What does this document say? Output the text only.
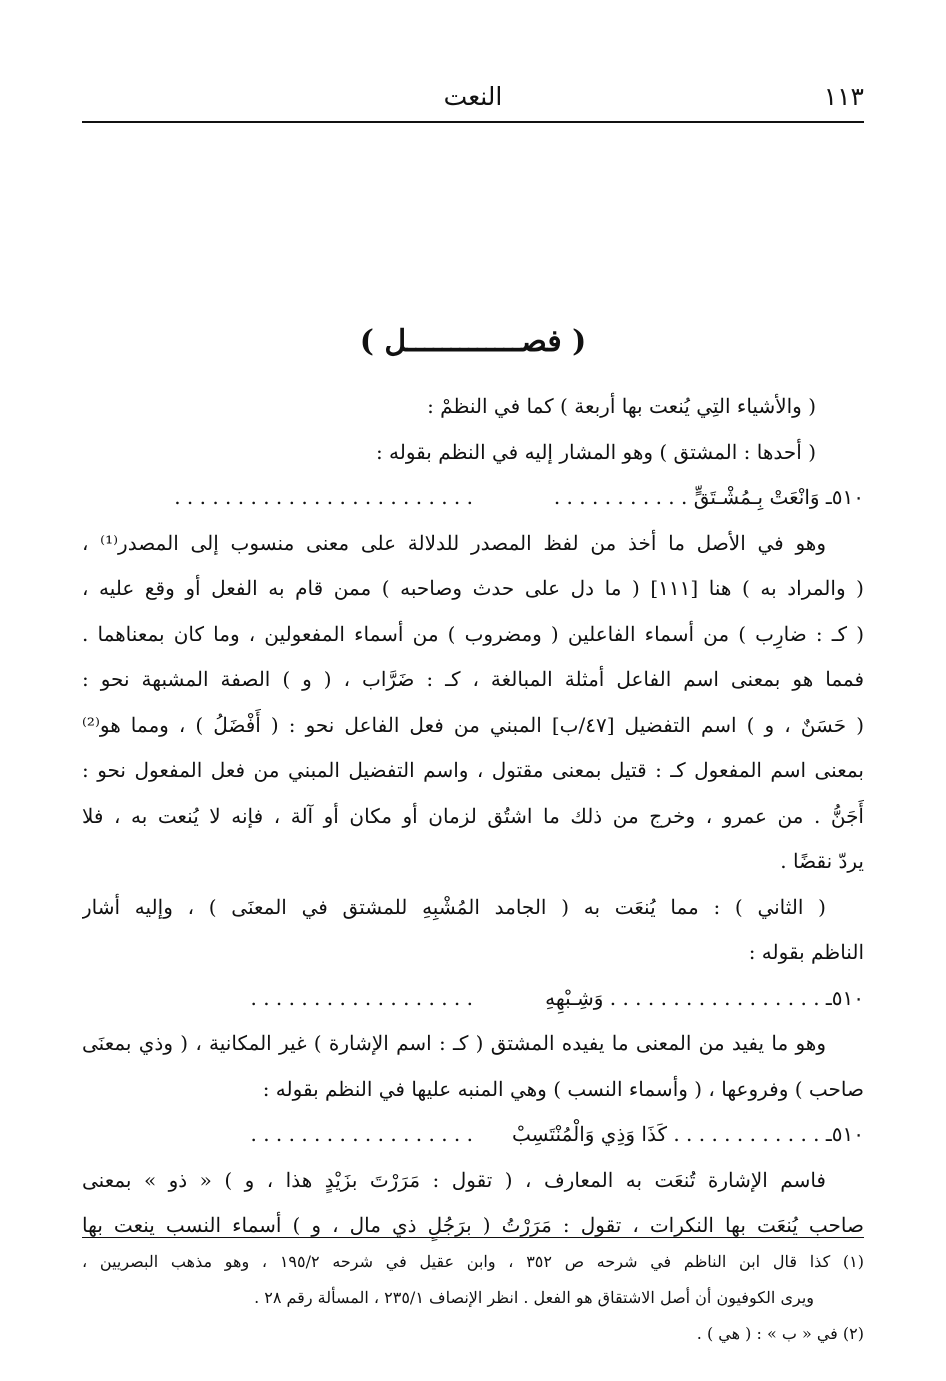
١١٣
النعت
( فصـــــــــــــل )
( والأشياء التِي يُنعت بها أربعة ) كما في النظمْ :
( أحدها : المشتق ) وهو المشار إليه في النظم بقوله :
٥١٠ـ وَانْعَتْ بِـمُشْـتَقٍّ . . . . . . . . . . .
. . . . . . . . . . . . . . . . . . . . . . . .
وهو في الأصل ما أخذ من لفظ المصدر للدلالة على معنى منسوب إلى المصدر⁽¹⁾ ،
( والمراد به ) هنا [١١١] ( ما دل على حدث وصاحبه ) ممن قام به الفعل أو وقع عليه ،
( كـ : ضارِب ) من أسماء الفاعلين ( ومضروب ) من أسماء المفعولين ، وما كان بمعناهما .
فمما هو بمعنى اسم الفاعل أمثلة المبالغة ، كـ : ضَرَّاب ، ( و ) الصفة المشبهة نحو :
( حَسَنٌ ، و ) اسم التفضيل [٤٧/ب] المبني من فعل الفاعل نحو : ( أَفْضَلُ ) ، ومما هو⁽²⁾
بمعنى اسم المفعول كـ : قتيل بمعنى مقتول ، واسم التفضيل المبني من فعل المفعول نحو :
أَجَنُّ . من عمرو ، وخرج من ذلك ما اشتُق لزمان أو مكان أو آلة ، فإنه لا يُنعت به ، فلا
يردّ نقضًا .
( الثاني ) : مما يُنعَت به ( الجامد المُشْبِهِ للمشتق في المعنَى ) ، وإليه أشار
الناظم بقوله :
٥١٠ـ . . . . . . . . . . . . . . . . . وَشِـبْهِهِ
. . . . . . . . . . . . . . . . . .
وهو ما يفيد من المعنى ما يفيده المشتق ( كـ : اسم الإشارة ) غير المكانية ، ( وذي بمعنَى
صاحب ) وفروعها ، ( وأسماء النسب ) وهي المنبه عليها في النظم بقوله :
٥١٠ـ . . . . . . . . . . . . كَذَا وَذِي وَالْمُنْتَسِبْ
. . . . . . . . . . . . . . . . . .
فاسم الإشارة تُنعَت به المعارف ، ( تقول : مَرَرْتَ بزَيْدٍ هذا ، و ) « ذو » بمعنى
صاحب يُنعَت بها النكرات ، تقول : مَرَرْتُ ( برَجُلٍ ذي مال ، و ) أسماء النسب ينعت بها
(١) كذا قال ابن الناظم في شرحه ص ٣٥٢ ، وابن عقيل في شرحه ١٩٥/٢ ، وهو مذهب البصريين ،
ويرى الكوفيون أن أصل الاشتقاق هو الفعل . انظر الإنصاف ٢٣٥/١ ، المسألة رقم ٢٨ .
(٢) في « ب » : ( هي ) .
